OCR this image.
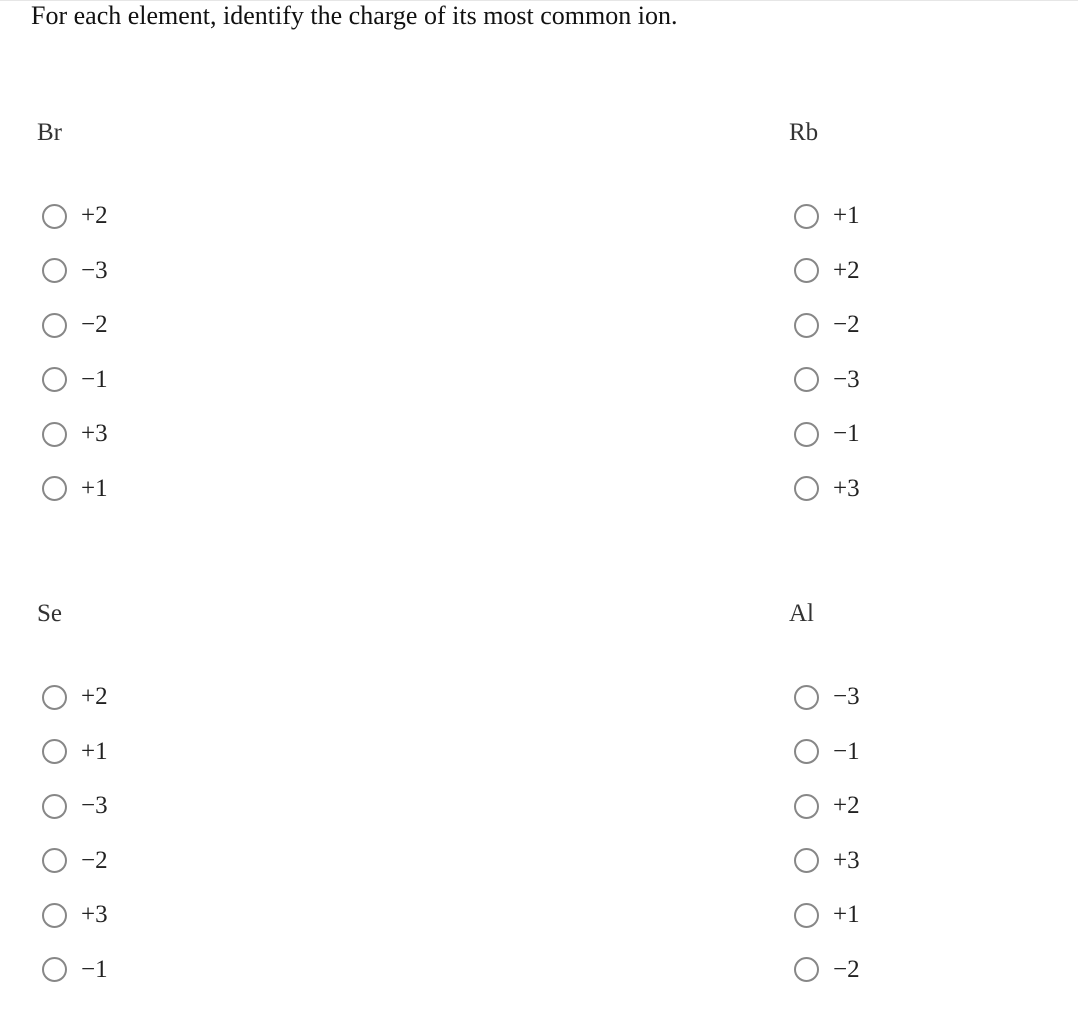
For each element, identify the charge of its most common ion.
Br
+2
−3
−2
−1
+3
+1
Rb
+1
+2
−2
−3
−1
+3
Se
+2
+1
−3
−2
+3
−1
Al
−3
−1
+2
+3
+1
−2
